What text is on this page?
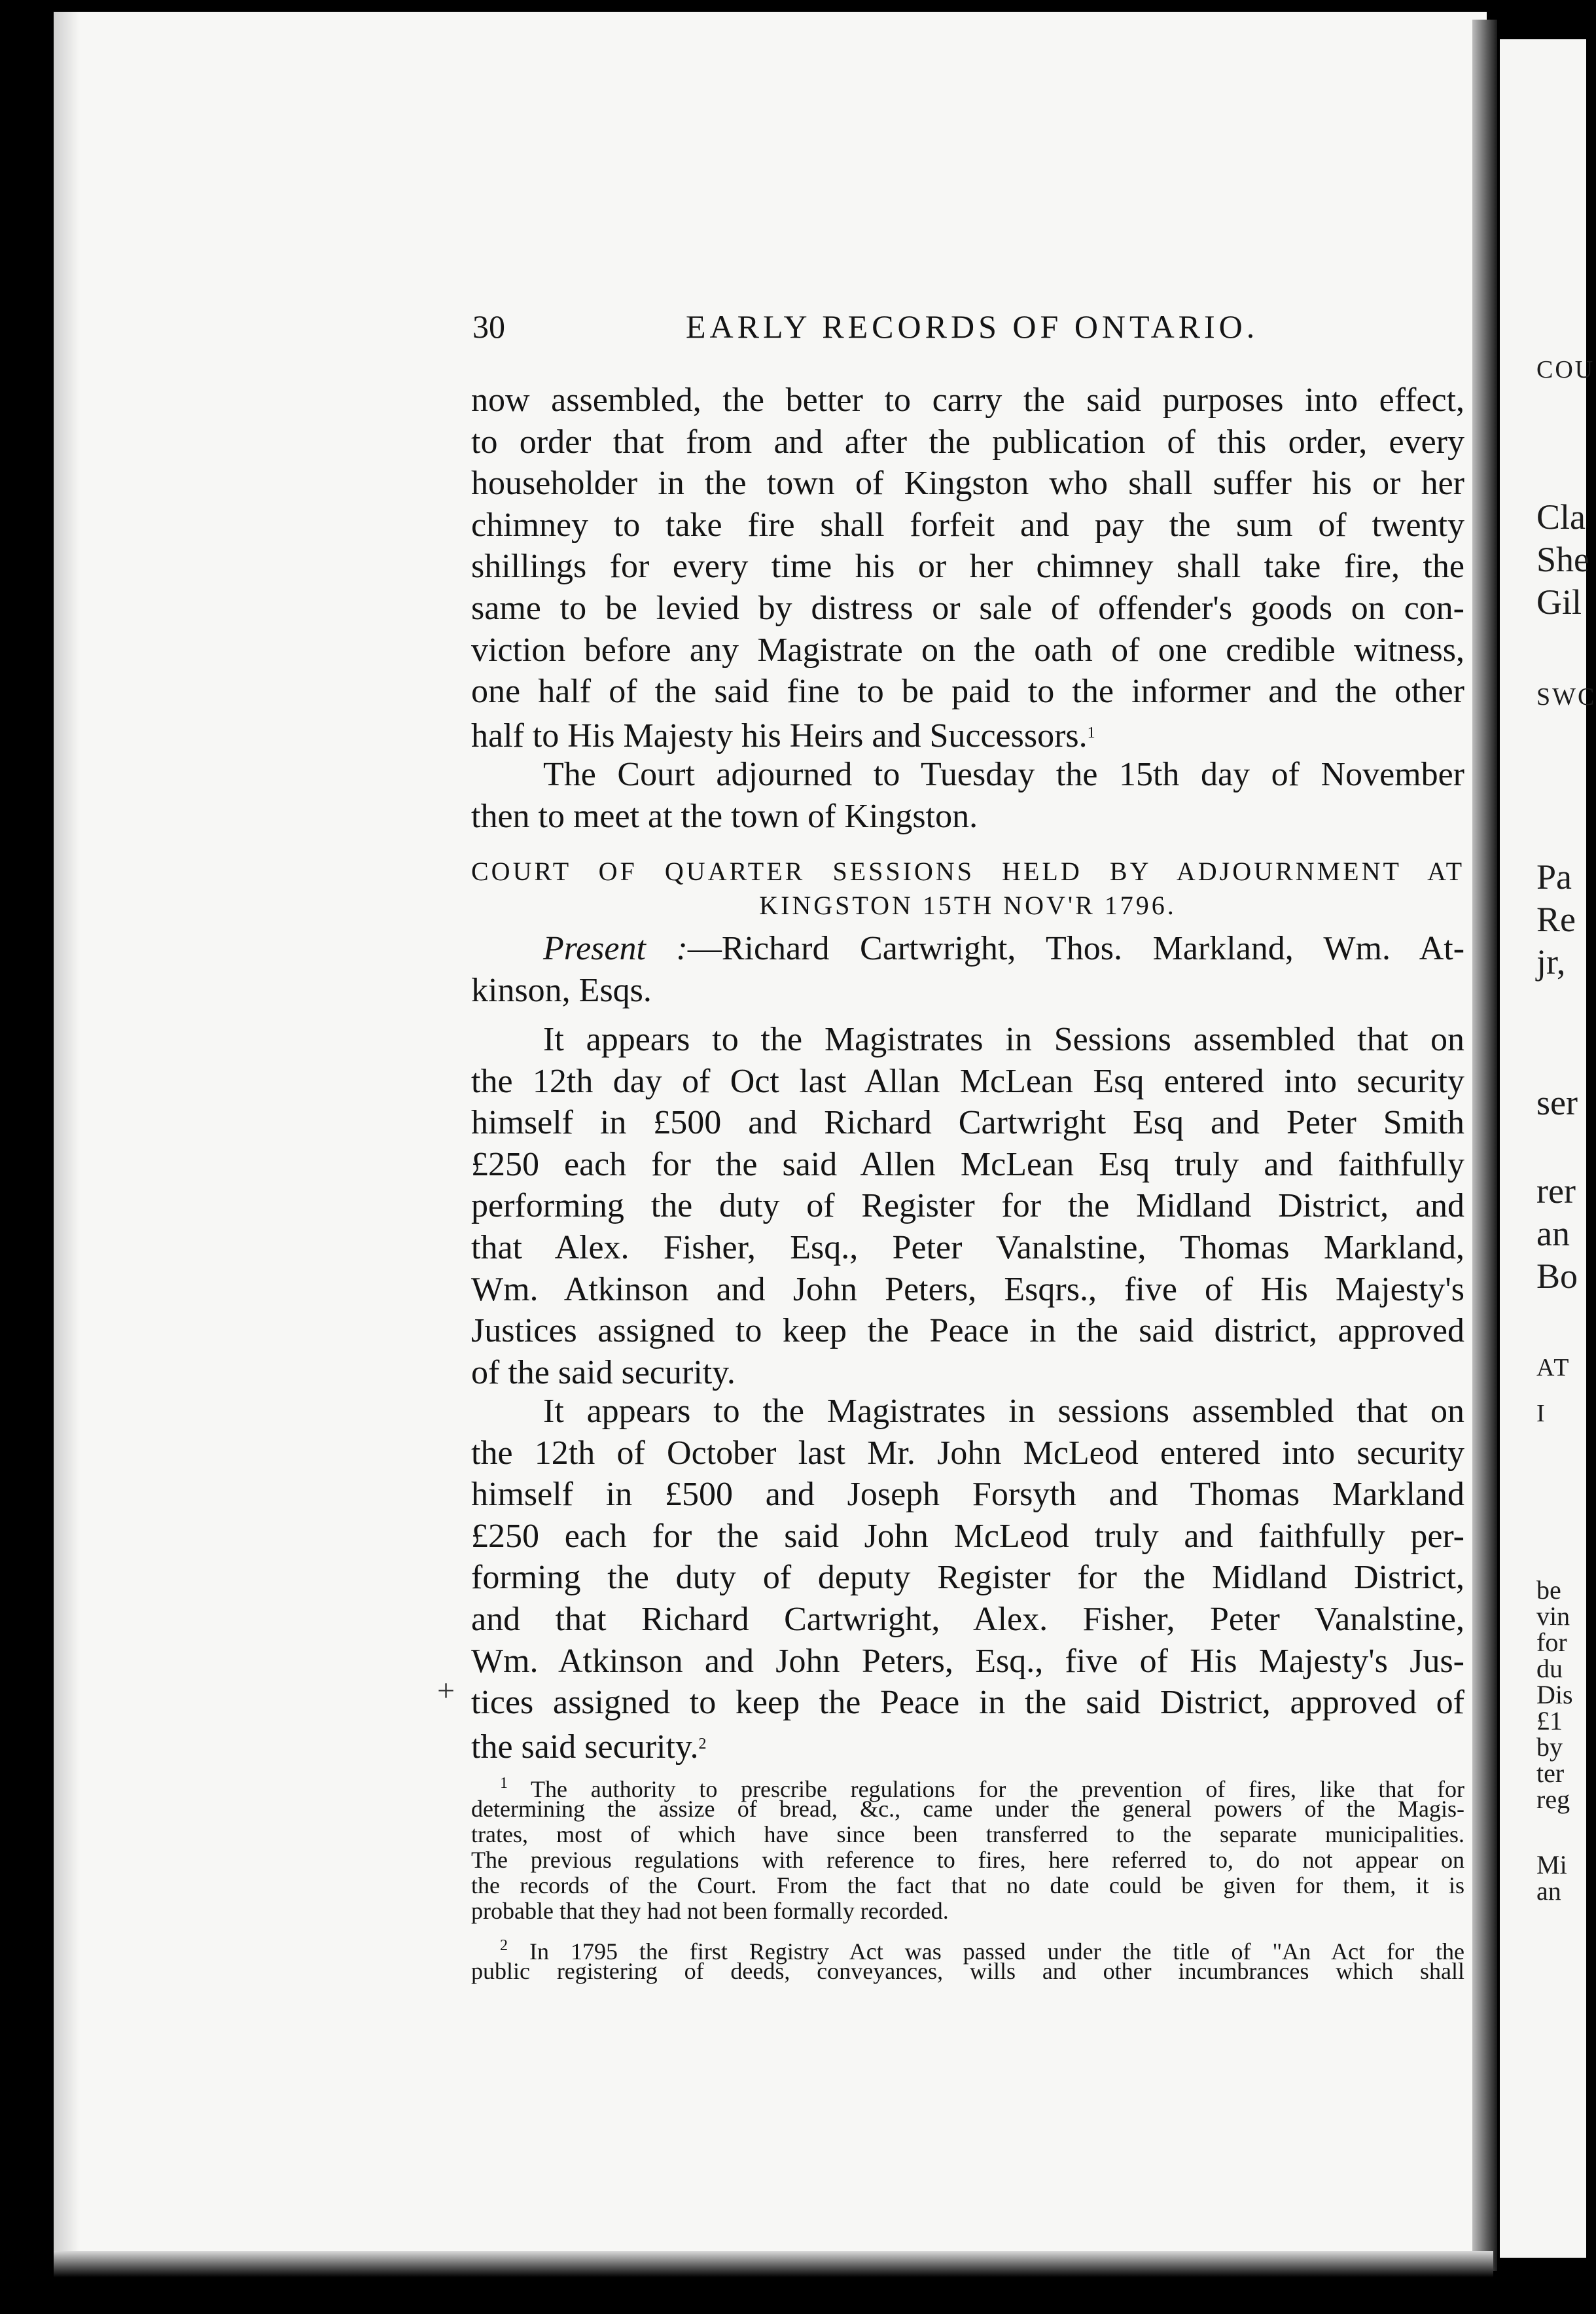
COU
Cla
She
Gil
SWC
Pa
Re
jr,
ser
rer
an
Bo
AT
I
be
vin
for
du
Dis
£1
by
ter
reg
Mi
an
30	EARLY RECORDS OF ONTARIO.
now assembled, the better to carry the said purposes into effect,
to order that from and after the publication of this order, every
householder in the town of Kingston who shall suffer his or her
chimney to take fire shall forfeit and pay the sum of twenty
shillings for every time his or her chimney shall take fire, the
same to be levied by distress or sale of offender's goods on con-
viction before any Magistrate on the oath of one credible witness,
one half of the said fine to be paid to the informer and the other
half to His Majesty his Heirs and Successors.$^1$
The Court adjourned to Tuesday the 15th day of November
then to meet at the town of Kingston.
COURT OF QUARTER SESSIONS HELD BY ADJOURNMENT AT
KINGSTON 15TH NOV'R 1796.
Present :—Richard Cartwright, Thos. Markland, Wm. At-
kinson, Esqs.
It appears to the Magistrates in Sessions assembled that on
the 12th day of Oct last Allan McLean Esq entered into security
himself in £500 and Richard Cartwright Esq and Peter Smith
£250 each for the said Allen McLean Esq truly and faithfully
performing the duty of Register for the Midland District, and
that Alex. Fisher, Esq., Peter Vanalstine, Thomas Markland,
Wm. Atkinson and John Peters, Esqrs., five of His Majesty's
Justices assigned to keep the Peace in the said district, approved
of the said security.
It appears to the Magistrates in sessions assembled that on
the 12th of October last Mr. John McLeod entered into security
himself in £500 and Joseph Forsyth and Thomas Markland
£250 each for the said John McLeod truly and faithfully per-
forming the duty of deputy Register for the Midland District,
and that Richard Cartwright, Alex. Fisher, Peter Vanalstine,
Wm. Atkinson and John Peters, Esq., five of His Majesty's Jus-
tices assigned to keep the Peace in the said District, approved of
the said security.$^2$
+
$^1$ The authority to prescribe regulations for the prevention of fires, like that for
determining the assize of bread, &c., came under the general powers of the Magis-
trates, most of which have since been transferred to the separate municipalities.
The previous regulations with reference to fires, here referred to, do not appear on
the records of the Court. From the fact that no date could be given for them, it is
probable that they had not been formally recorded.
$^2$ In 1795 the first Registry Act was passed under the title of "An Act for the
public registering of deeds, conveyances, wills and other incumbrances which shall
